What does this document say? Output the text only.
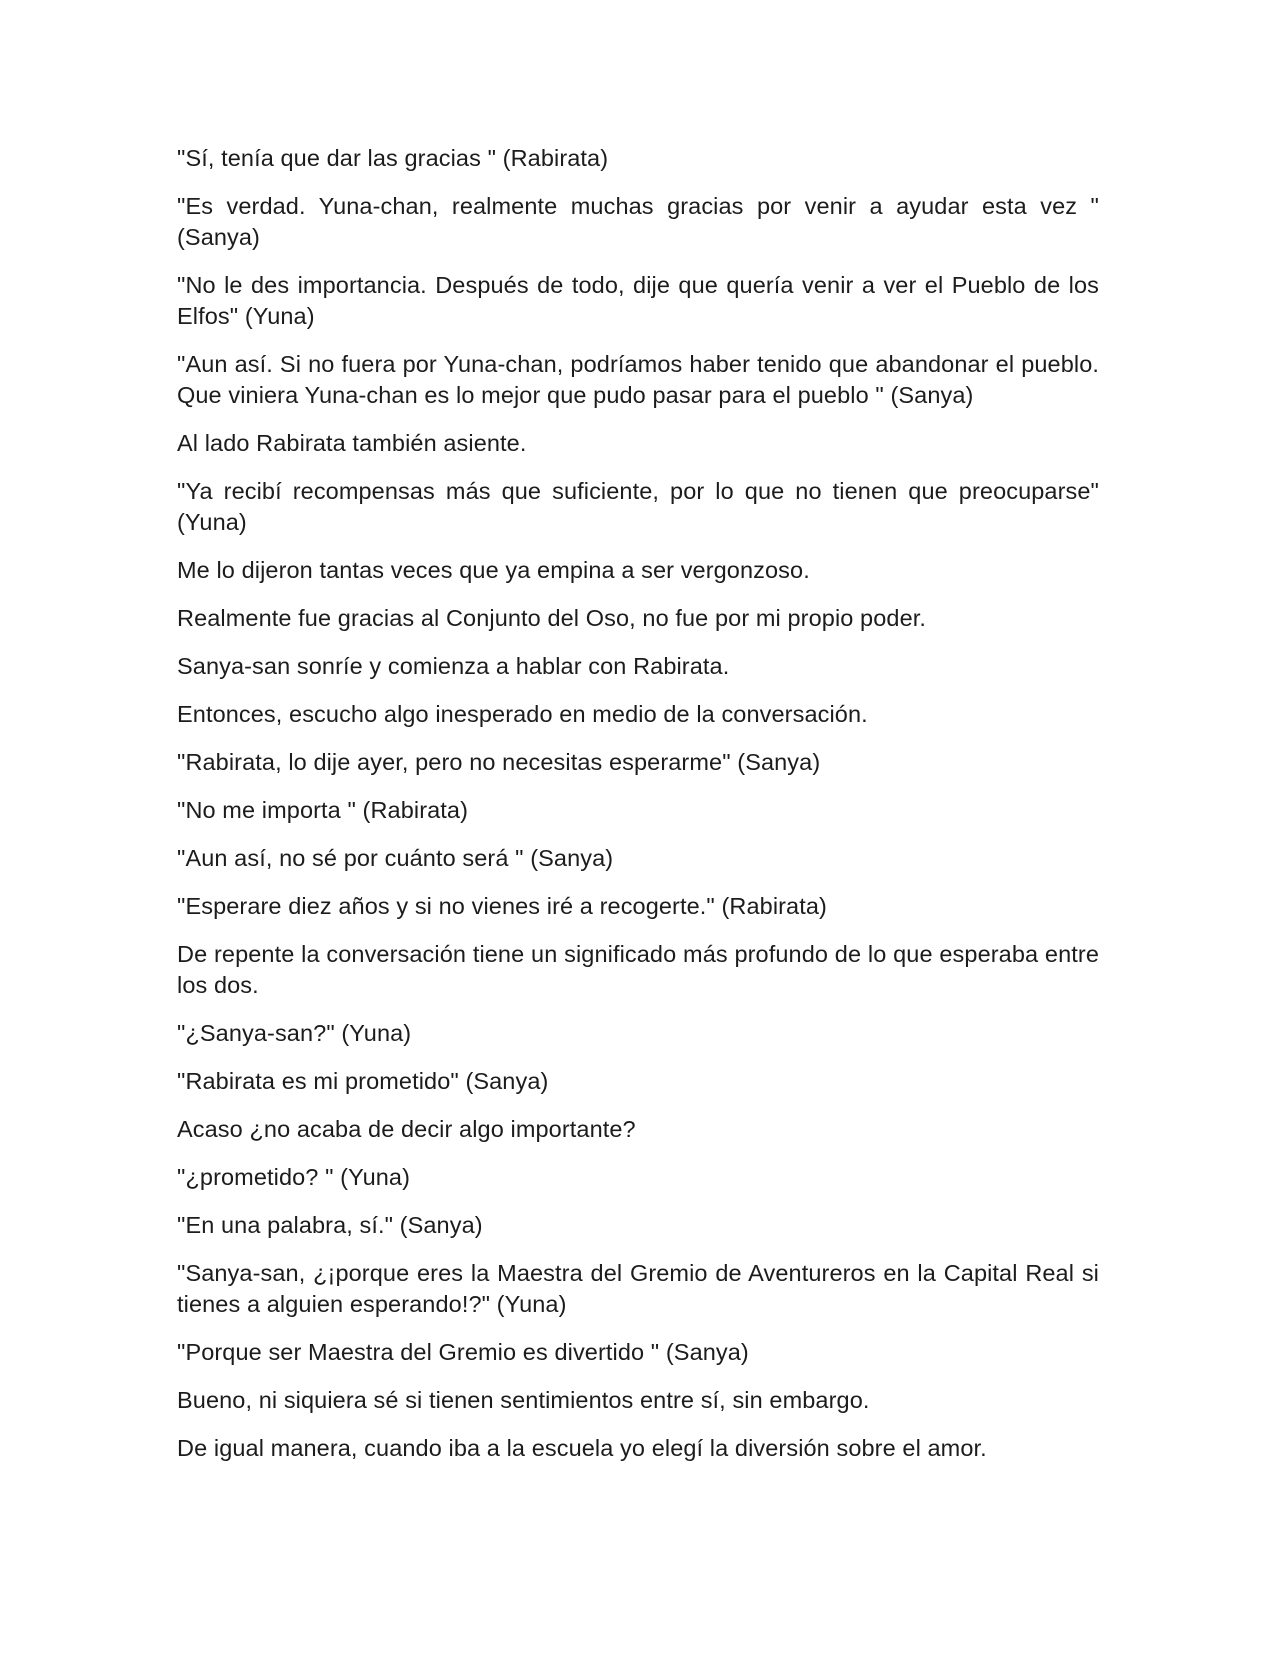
"Sí, tenía que dar las gracias " (Rabirata)

"Es verdad. Yuna-chan, realmente muchas gracias por venir a ayudar esta vez " (Sanya)

"No le des importancia. Después de todo, dije que quería venir a ver el Pueblo de los Elfos" (Yuna)

"Aun así. Si no fuera por Yuna-chan, podríamos haber tenido que abandonar el pueblo. Que viniera Yuna-chan es lo mejor que pudo pasar para el pueblo " (Sanya)

Al lado Rabirata también asiente.

"Ya recibí recompensas más que suficiente, por lo que no tienen que preocuparse" (Yuna)

Me lo dijeron tantas veces que ya empina a ser vergonzoso.

Realmente fue gracias al Conjunto del Oso, no fue por mi propio poder.

Sanya-san sonríe y comienza a hablar con Rabirata.

Entonces, escucho algo inesperado en medio de la conversación.

"Rabirata, lo dije ayer, pero no necesitas esperarme" (Sanya)

"No me importa " (Rabirata)

"Aun así, no sé por cuánto será " (Sanya)

"Esperare diez años y si no vienes iré a recogerte." (Rabirata)

De repente la conversación tiene un significado más profundo de lo que esperaba entre los dos.

"¿Sanya-san?" (Yuna)

"Rabirata es mi prometido" (Sanya)

Acaso ¿no acaba de decir algo importante?

"¿prometido? " (Yuna)

"En una palabra, sí." (Sanya)

"Sanya-san, ¿¡porque eres la Maestra del Gremio de Aventureros en la Capital Real si tienes a alguien esperando!?" (Yuna)

"Porque ser Maestra del Gremio es divertido " (Sanya)

Bueno, ni siquiera sé si tienen sentimientos entre sí, sin embargo.

De igual manera, cuando iba a la escuela yo elegí la diversión sobre el amor.
